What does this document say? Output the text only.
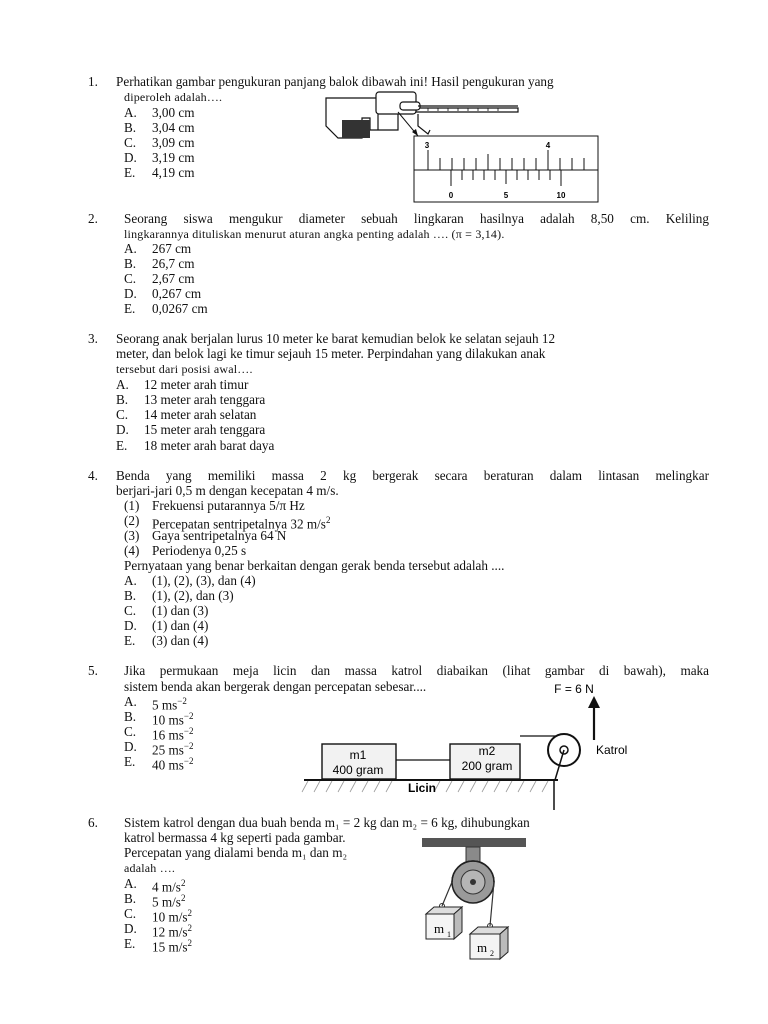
1. Perhatikan gambar pengukuran panjang balok dibawah ini! Hasil pengukuran yang
diperoleh adalah….
A. 3,00 cm
B. 3,04 cm
C. 3,09 cm
D. 3,19 cm
E. 4,19 cm
3	4
0	5	10
2. Seorang siswa mengukur diameter sebuah lingkaran hasilnya adalah 8,50 cm. Keliling
lingkarannya dituliskan menurut aturan angka penting adalah …. (π = 3,14).
A. 267 cm
B. 26,7 cm
C. 2,67 cm
D. 0,267 cm
E. 0,0267 cm
3. Seorang anak berjalan lurus 10 meter ke barat kemudian belok ke selatan sejauh 12
meter, dan belok lagi ke timur sejauh 15 meter. Perpindahan yang dilakukan anak
tersebut dari posisi awal….
A. 12 meter arah timur
B. 13 meter arah tenggara
C. 14 meter arah selatan
D. 15 meter arah tenggara
E. 18 meter arah barat daya
4. Benda yang memiliki massa 2 kg bergerak secara beraturan dalam lintasan melingkar
berjari-jari 0,5 m dengan kecepatan 4 m/s.
(1) Frekuensi putarannya 5/π Hz
(2) Percepatan sentripetalnya 32 $m/s^2$
(3) Gaya sentripetalnya 64 N
(4) Periodenya 0,25 s
Pernyataan yang benar berkaitan dengan gerak benda tersebut adalah ....
A. (1), (2), (3), dan (4)
B. (1), (2), dan (3)
C. (1) dan (3)
D. (1) dan (4)
E. (3) dan (4)
5. Jika permukaan meja licin dan massa katrol diabaikan (lihat gambar di bawah), maka
sistem benda akan bergerak dengan percepatan sebesar....
A. 5 $ms^{-2}$
B. 10 $ms^{-2}$
C. 16 $ms^{-2}$
D. 25 $ms^{-2}$
E. 40 $ms^{-2}$
F = 6 N
m1
400 gram
m2
200 gram
Katrol
Licin
6. Sistem katrol dengan dua buah benda m₁ = 2 kg dan m₂ = 6 kg, dihubungkan
katrol bermassa 4 kg seperti pada gambar.
Percepatan yang dialami benda m₁ dan m₂
adalah ….
A. 4 $m/s^2$
B. 5 $m/s^2$
C. 10 $m/s^2$
D. 12 $m/s^2$
E. 15 $m/s^2$
m 1
m 2
